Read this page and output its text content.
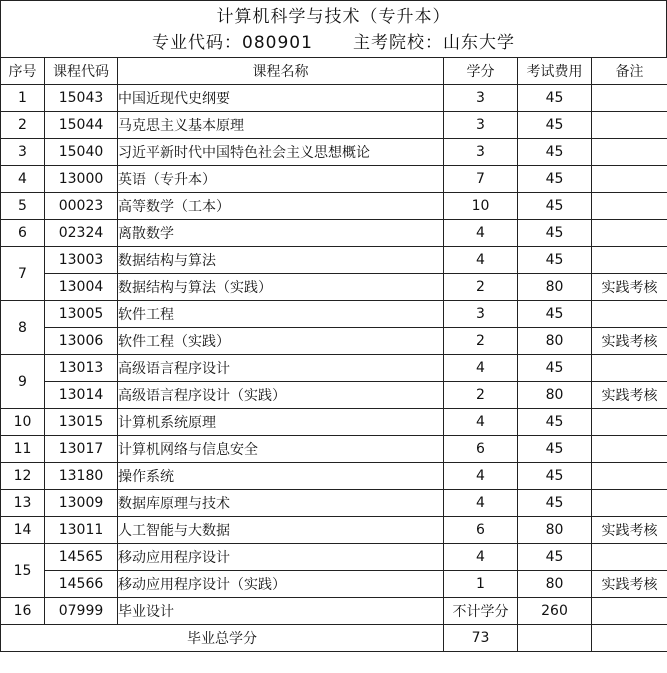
计算机科学与技术（专升本）
专业代码：080901 主考院校：山东大学
序号	课程代码	课程名称	学分	考试费用	备注
1	15043	中国近现代史纲要	3	45	
2	15044	马克思主义基本原理	3	45	
3	15040	习近平新时代中国特色社会主义思想概论	3	45	
4	13000	英语（专升本）	7	45	
5	00023	高等数学（工本）	10	45	
6	02324	离散数学	4	45	
7	13003	数据结构与算法	4	45	
	13004	数据结构与算法（实践）	2	80	实践考核
8	13005	软件工程	3	45	
	13006	软件工程（实践）	2	80	实践考核
9	13013	高级语言程序设计	4	45	
	13014	高级语言程序设计（实践）	2	80	实践考核
10	13015	计算机系统原理	4	45	
11	13017	计算机网络与信息安全	6	45	
12	13180	操作系统	4	45	
13	13009	数据库原理与技术	4	45	
14	13011	人工智能与大数据	6	80	实践考核
15	14565	移动应用程序设计	4	45	
	14566	移动应用程序设计（实践）	1	80	实践考核
16	07999	毕业设计	不计学分	260	
毕业总学分			73		
